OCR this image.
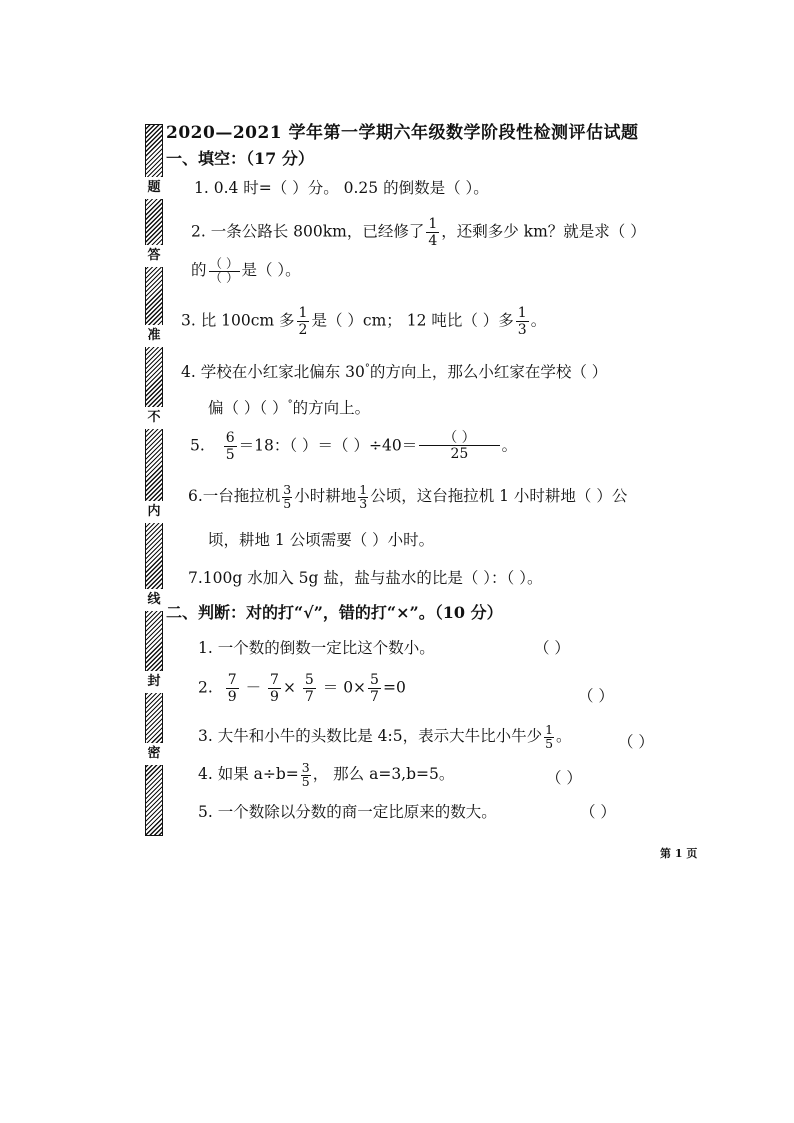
2020—2021 学年第一学期六年级数学阶段性检测评估试题
题
答
准
不
内
线
封
密
一、填空：（17 分）
1. 0.4 时=（ ）分。 0.25 的倒数是（ ）。
2. 一条公路长 800km，已经修了 $\frac{1}{4}$ ，还剩多少 km？就是求（ ）
的 $\frac{( )}{( )}$ 是（ ）。
3. 比 100cm 多 $\frac{1}{2}$ 是（ ）cm； 12 吨比（ ）多 $\frac{1}{3}$ 。
4. 学校在小红家北偏东 30°的方向上，那么小红家在学校（ ）
偏（ ）（ ）°的方向上。
5. $\frac{6}{5} =18$：（ ）＝（ ）$\div 40= \frac{( )}{25}$ 。
6.一台拖拉机 $\frac{3}{5}$ 小时耕地 $\frac{1}{3}$ 公顷，这台拖拉机 1 小时耕地（ ）公
顷，耕地 1 公顷需要（ ）小时。
7.100g 水加入 5g 盐，盐与盐水的比是（ ）：（ ）。
二、判断：对的打“√”，错的打“×”。（10 分）
1. 一个数的倒数一定比这个数小。	（ ）
2. $\frac{7}{9} - \frac{7}{9} \times \frac{5}{7} = 0\times \frac{5}{7} =0$	（ ）
3. 大牛和小牛的头数比是 4:5，表示大牛比小牛少 $\frac{1}{5}$ 。	（ ）
4. 如果 $a\div b= \frac{3}{5}$ ， 那么 a=3,b=5。	（ ）
5. 一个数除以分数的商一定比原来的数大。	（ ）
第 1 页
